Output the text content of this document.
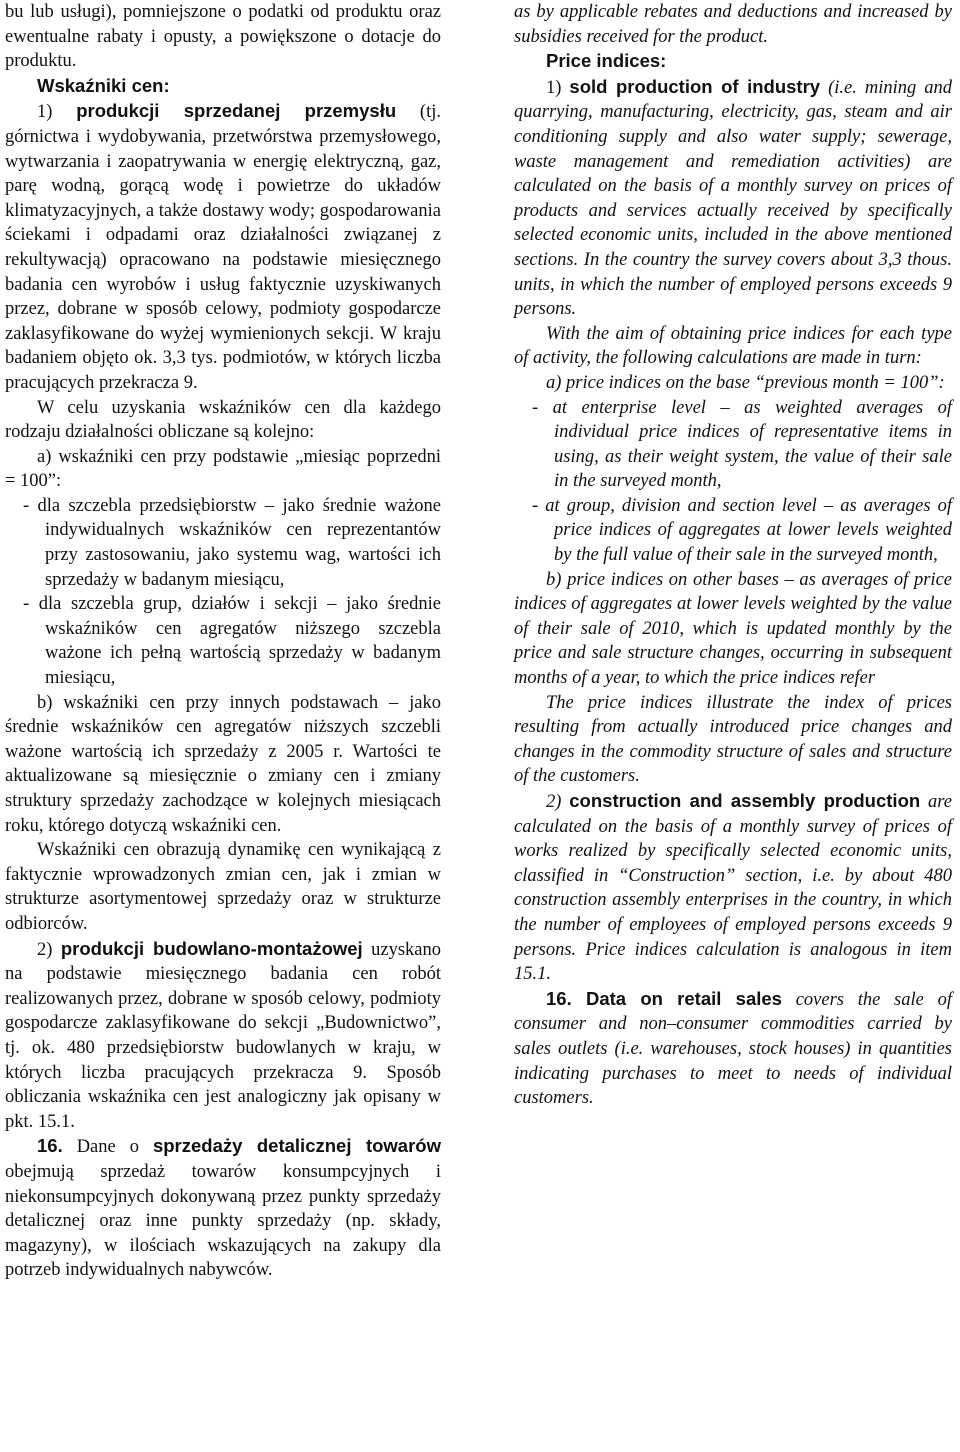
bu lub usługi), pomniejszone o podatki od produktu oraz ewentualne rabaty i opusty, a powiększone o dotacje do produktu.

Wskaźniki cen:

1) produkcji sprzedanej przemysłu (tj. górnictwa i wydobywania, przetwórstwa przemysłowego, wytwarzania i zaopatrywania w energię elektryczną, gaz, parę wodną, gorącą wodę i powietrze do układów klimatyzacyjnych, a także dostawy wody; gospodarowania ściekami i odpadami oraz działalności związanej z rekultywacją) opracowano na podstawie miesięcznego badania cen wyrobów i usług faktycznie uzyskiwanych przez, dobrane w sposób celowy, podmioty gospodarcze zaklasyfikowane do wyżej wymienionych sekcji. W kraju badaniem objęto ok. 3,3 tys. podmiotów, w których liczba pracujących przekracza 9.

W celu uzyskania wskaźników cen dla każdego rodzaju działalności obliczane są kolejno:

a) wskaźniki cen przy podstawie „miesiąc poprzedni = 100”:

- dla szczebla przedsiębiorstw – jako średnie ważone indywidualnych wskaźników cen reprezentantów przy zastosowaniu, jako systemu wag, wartości ich sprzedaży w badanym miesiącu,

- dla szczebla grup, działów i sekcji – jako średnie wskaźników cen agregatów niższego szczebla ważone ich pełną wartością sprzedaży w badanym miesiącu,

b) wskaźniki cen przy innych podstawach – jako średnie wskaźników cen agregatów niższych szczebli ważone wartością ich sprzedaży z 2005 r. Wartości te aktualizowane są miesięcznie o zmiany cen i zmiany struktury sprzedaży zachodzące w kolejnych miesiącach roku, którego dotyczą wskaźniki cen.

Wskaźniki cen obrazują dynamikę cen wynikającą z faktycznie wprowadzonych zmian cen, jak i zmian w strukturze asortymentowej sprzedaży oraz w strukturze odbiorców.

2) produkcji budowlano-montażowej uzyskano na podstawie miesięcznego badania cen robót realizowanych przez, dobrane w sposób celowy, podmioty gospodarcze zaklasyfikowane do sekcji „Budownictwo”, tj. ok. 480 przedsiębiorstw budowlanych w kraju, w których liczba pracujących przekracza 9. Sposób obliczania wskaźnika cen jest analogiczny jak opisany w pkt. 15.1.

16. Dane o sprzedaży detalicznej towarów obejmują sprzedaż towarów konsumpcyjnych i niekonsumpcyjnych dokonywaną przez punkty sprzedaży detalicznej oraz inne punkty sprzedaży (np. składy, magazyny), w ilościach wskazujących na zakupy dla potrzeb indywidualnych nabywców.

as by applicable rebates and deductions and increased by subsidies received for the product.

Price indices:

1) sold production of industry (i.e. mining and quarrying, manufacturing, electricity, gas, steam and air conditioning supply and also water supply; sewerage, waste management and remediation activities) are calculated on the basis of a monthly survey on prices of products and services actually received by specifically selected economic units, included in the above mentioned sections. In the country the survey covers about 3,3 thous. units, in which the number of employed persons exceeds 9 persons.

With the aim of obtaining price indices for each type of activity, the following calculations are made in turn:

a) price indices on the base “previous month = 100”:

- at enterprise level – as weighted averages of individual price indices of representative items in using, as their weight system, the value of their sale in the surveyed month,

- at group, division and section level – as averages of price indices of aggregates at lower levels weighted by the full value of their sale in the surveyed month,

b) price indices on other bases – as averages of price indices of aggregates at lower levels weighted by the value of their sale of 2010, which is updated monthly by the price and sale structure changes, occurring in subsequent months of a year, to which the price indices refer

The price indices illustrate the index of prices resulting from actually introduced price changes and changes in the commodity structure of sales and structure of the customers.

2) construction and assembly production are calculated on the basis of a monthly survey of prices of works realized by specifically selected economic units, classified in “Construction” section, i.e. by about 480 construction assembly enterprises in the country, in which the number of employees of employed persons exceeds 9 persons. Price indices calculation is analogous in item 15.1.

16. Data on retail sales covers the sale of consumer and non–consumer commodities carried by sales outlets (i.e. warehouses, stock houses) in quantities indicating purchases to meet to needs of individual customers.
